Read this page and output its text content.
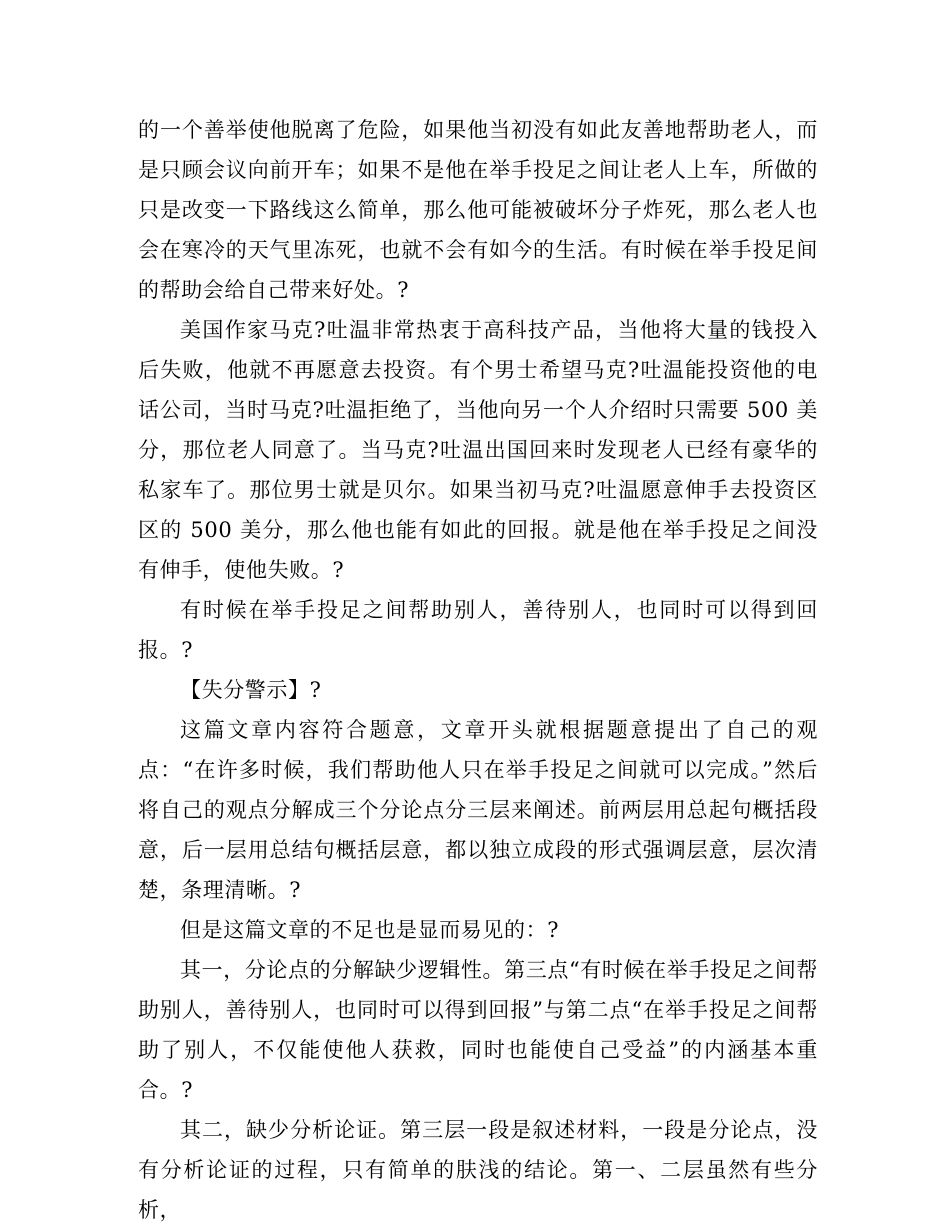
的一个善举使他脱离了危险，如果他当初没有如此友善地帮助老人，而是只顾会议向前开车；如果不是他在举手投足之间让老人上车，所做的只是改变一下路线这么简单，那么他可能被破坏分子炸死，那么老人也会在寒冷的天气里冻死，也就不会有如今的生活。有时候在举手投足间的帮助会给自己带来好处。?

美国作家马克?吐温非常热衷于高科技产品，当他将大量的钱投入后失败，他就不再愿意去投资。有个男士希望马克?吐温能投资他的电话公司，当时马克?吐温拒绝了，当他向另一个人介绍时只需要 500 美分，那位老人同意了。当马克?吐温出国回来时发现老人已经有豪华的私家车了。那位男士就是贝尔。如果当初马克?吐温愿意伸手去投资区区的 500 美分，那么他也能有如此的回报。就是他在举手投足之间没有伸手，使他失败。?

有时候在举手投足之间帮助别人，善待别人，也同时可以得到回报。?

【失分警示】?

这篇文章内容符合题意，文章开头就根据题意提出了自己的观点：“在许多时候，我们帮助他人只在举手投足之间就可以完成。”然后将自己的观点分解成三个分论点分三层来阐述。前两层用总起句概括段意，后一层用总结句概括层意，都以独立成段的形式强调层意，层次清楚，条理清晰。?

但是这篇文章的不足也是显而易见的：?

其一，分论点的分解缺少逻辑性。第三点“有时候在举手投足之间帮助别人，善待别人，也同时可以得到回报”与第二点“在举手投足之间帮助了别人，不仅能使他人获救，同时也能使自己受益”的内涵基本重合。?

其二，缺少分析论证。第三层一段是叙述材料，一段是分论点，没有分析论证的过程，只有简单的肤浅的结论。第一、二层虽然有些分析，
